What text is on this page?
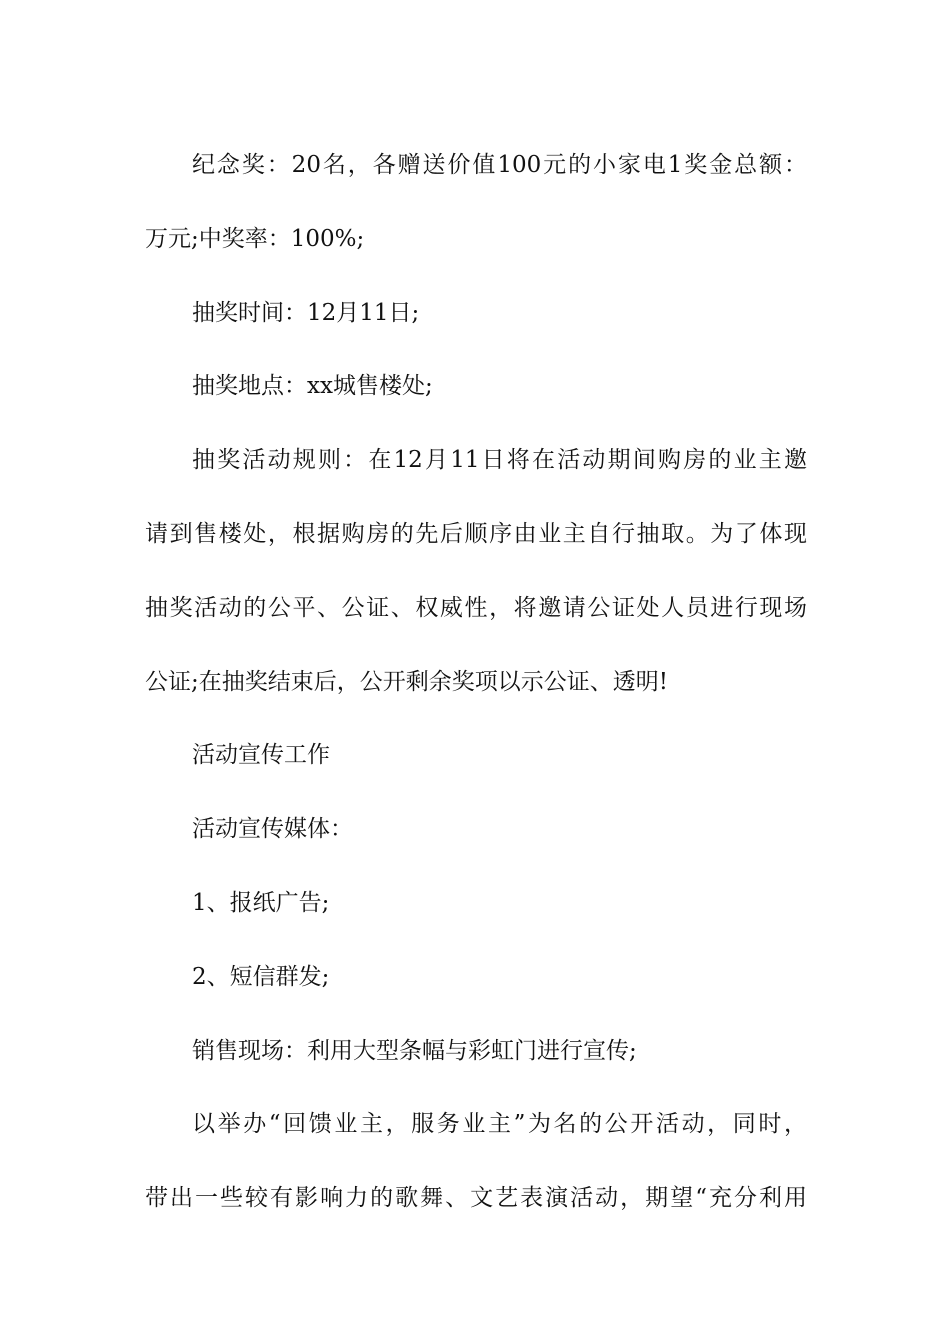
纪念奖：20名，各赠送价值100元的小家电1奖金总额：
万元;中奖率：100%;
抽奖时间：12月11日;
抽奖地点：xx城售楼处;
抽奖活动规则：在12月11日将在活动期间购房的业主邀
请到售楼处，根据购房的先后顺序由业主自行抽取。为了体现
抽奖活动的公平、公证、权威性，将邀请公证处人员进行现场
公证;在抽奖结束后，公开剩余奖项以示公证、透明!
活动宣传工作
活动宣传媒体：
1、报纸广告;
2、短信群发;
销售现场：利用大型条幅与彩虹门进行宣传;
以举办“回馈业主，服务业主”为名的公开活动，同时，
带出一些较有影响力的歌舞、文艺表演活动，期望“充分利用
